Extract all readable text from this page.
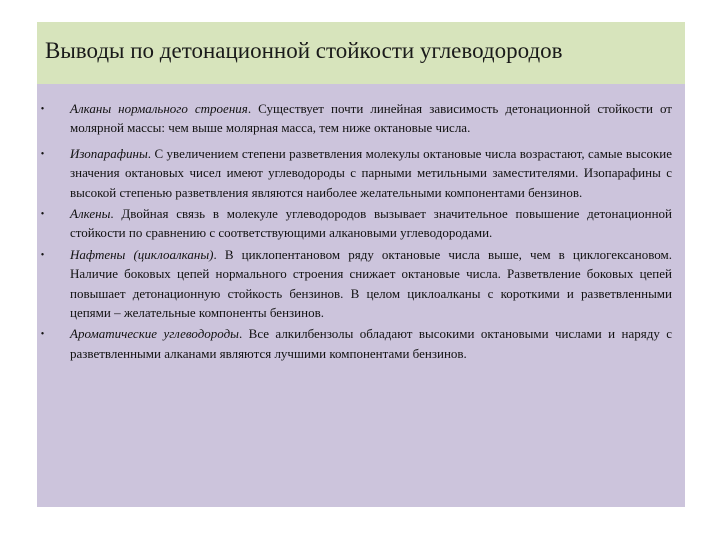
Выводы по детонационной стойкости углеводородов
•	Алканы нормального строения. Существует почти линейная зависимость детонационной стойкости от молярной массы: чем выше молярная масса, тем ниже октановые числа.
•	Изопарафины. С увеличением степени разветвления молекулы октановые числа возрастают, самые высокие значения октановых чисел имеют углеводороды с парными метильными заместителями. Изопарафины с высокой степенью разветвления являются наиболее желательными компонентами бензинов.
•	Алкены. Двойная связь в молекуле углеводородов вызывает значительное повышение детонационной стойкости по сравнению с соответствующими алкановыми углеводородами.
•	Нафтены (циклоалканы). В циклопентановом ряду октановые числа выше, чем в циклогексановом. Наличие боковых цепей нормального строения снижает октановые числа. Разветвление боковых цепей повышает детонационную стойкость бензинов. В целом циклоалканы с короткими и разветвленными цепями – желательные компоненты бензинов.
•	Ароматические углеводороды. Все алкилбензолы обладают высокими октановыми числами и наряду с разветвленными алканами являются лучшими компонентами бензинов.
